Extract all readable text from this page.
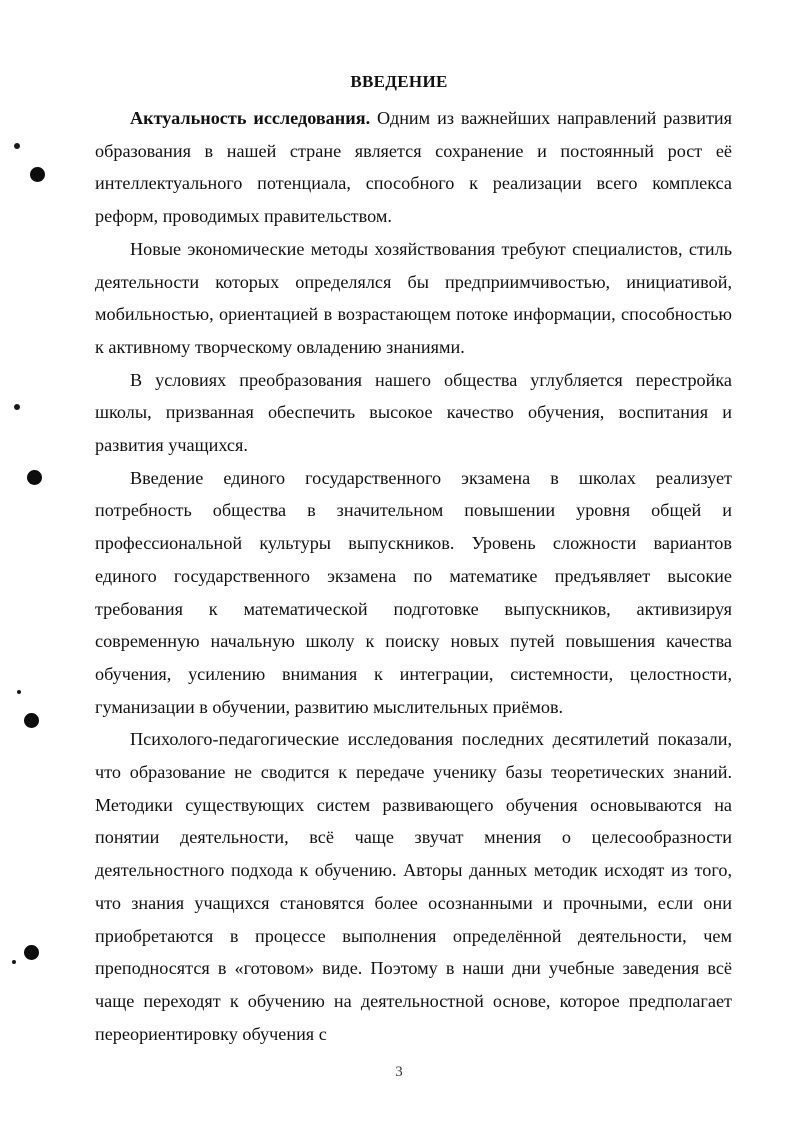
ВВЕДЕНИЕ

Актуальность исследования. Одним из важнейших направлений развития образования в нашей стране является сохранение и постоянный рост её интеллектуального потенциала, способного к реализации всего комплекса реформ, проводимых правительством.

Новые экономические методы хозяйствования требуют специалистов, стиль деятельности которых определялся бы предприимчивостью, инициативой, мобильностью, ориентацией в возрастающем потоке информации, способностью к активному творческому овладению знаниями.

В условиях преобразования нашего общества углубляется перестройка школы, призванная обеспечить высокое качество обучения, воспитания и развития учащихся.

Введение единого государственного экзамена в школах реализует потребность общества в значительном повышении уровня общей и профессиональной культуры выпускников. Уровень сложности вариантов единого государственного экзамена по математике предъявляет высокие требования к математической подготовке выпускников, активизируя современную начальную школу к поиску новых путей повышения качества обучения, усилению внимания к интеграции, системности, целостности, гуманизации в обучении, развитию мыслительных приёмов.

Психолого-педагогические исследования последних десятилетий показали, что образование не сводится к передаче ученику базы теоретических знаний. Методики существующих систем развивающего обучения основываются на понятии деятельности, всё чаще звучат мнения о целесообразности деятельностного подхода к обучению. Авторы данных методик исходят из того, что знания учащихся становятся более осознанными и прочными, если они приобретаются в процессе выполнения определённой деятельности, чем преподносятся в «готовом» виде. Поэтому в наши дни учебные заведения всё чаще переходят к обучению на деятельностной основе, которое предполагает переориентировку обучения с

3
